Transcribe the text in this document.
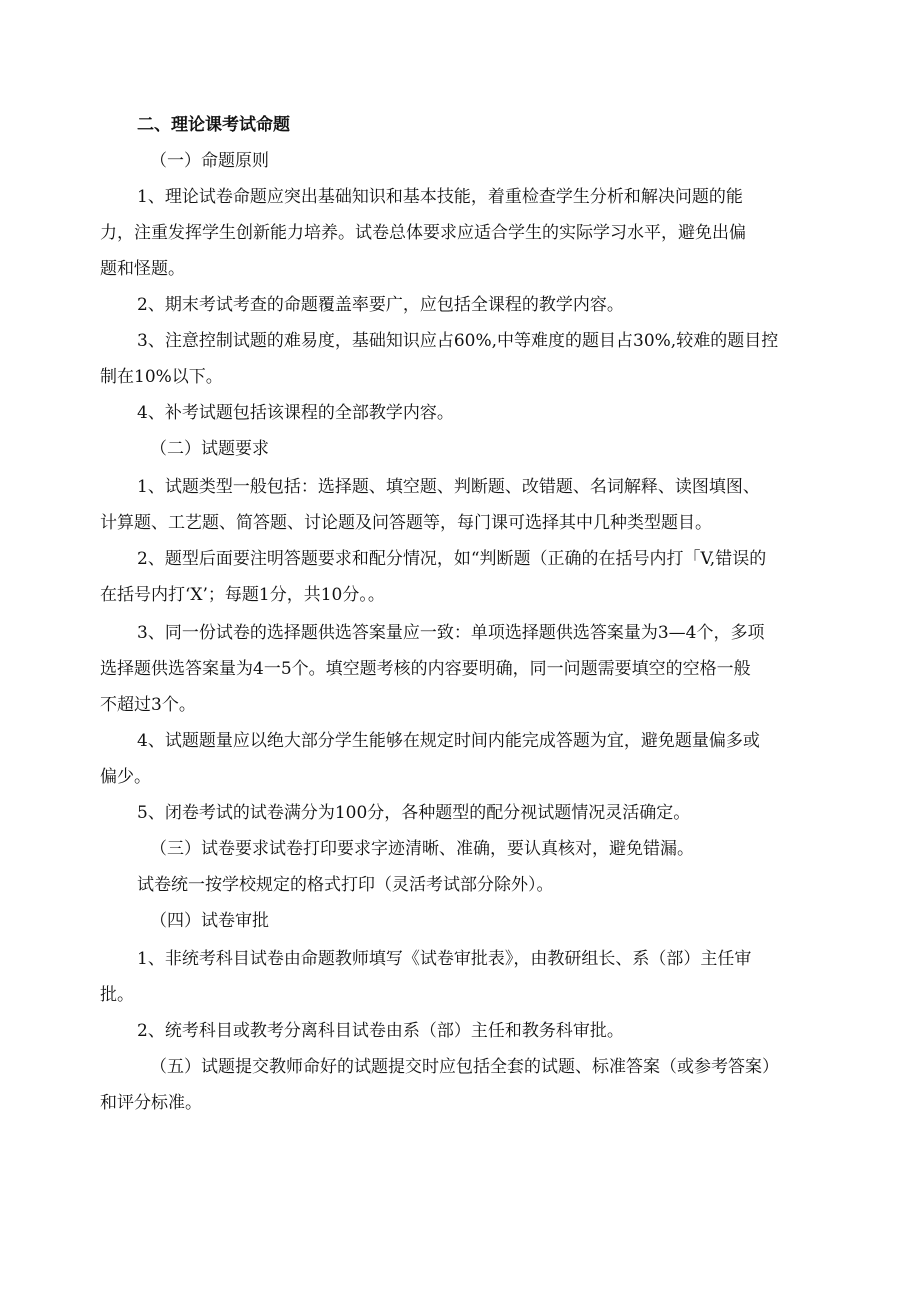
二、理论课考试命题
（一）命题原则
1、理论试卷命题应突出基础知识和基本技能，着重检查学生分析和解决问题的能
力，注重发挥学生创新能力培养。试卷总体要求应适合学生的实际学习水平，避免出偏
题和怪题。
2、期末考试考查的命题覆盖率要广，应包括全课程的教学内容。
3、注意控制试题的难易度，基础知识应占60%,中等难度的题目占30%,较难的题目控
制在10%以下。
4、补考试题包括该课程的全部教学内容。
（二）试题要求
1、试题类型一般包括：选择题、填空题、判断题、改错题、名词解释、读图填图、
计算题、工艺题、简答题、讨论题及问答题等，每门课可选择其中几种类型题目。
2、题型后面要注明答题要求和配分情况，如“判断题（正确的在括号内打「V,错误的
在括号内打‘X’；每题1分，共10分。。
3、同一份试卷的选择题供选答案量应一致：单项选择题供选答案量为3—4个，多项
选择题供选答案量为4一5个。填空题考核的内容要明确，同一问题需要填空的空格一般
不超过3个。
4、试题题量应以绝大部分学生能够在规定时间内能完成答题为宜，避免题量偏多或
偏少。
5、闭卷考试的试卷满分为100分，各种题型的配分视试题情况灵活确定。
（三）试卷要求试卷打印要求字迹清晰、准确，要认真核对，避免错漏。
试卷统一按学校规定的格式打印（灵活考试部分除外）。
（四）试卷审批
1、非统考科目试卷由命题教师填写《试卷审批表》，由教研组长、系（部）主任审
批。
2、统考科目或教考分离科目试卷由系（部）主任和教务科审批。
（五）试题提交教师命好的试题提交时应包括全套的试题、标准答案（或参考答案）
和评分标准。
